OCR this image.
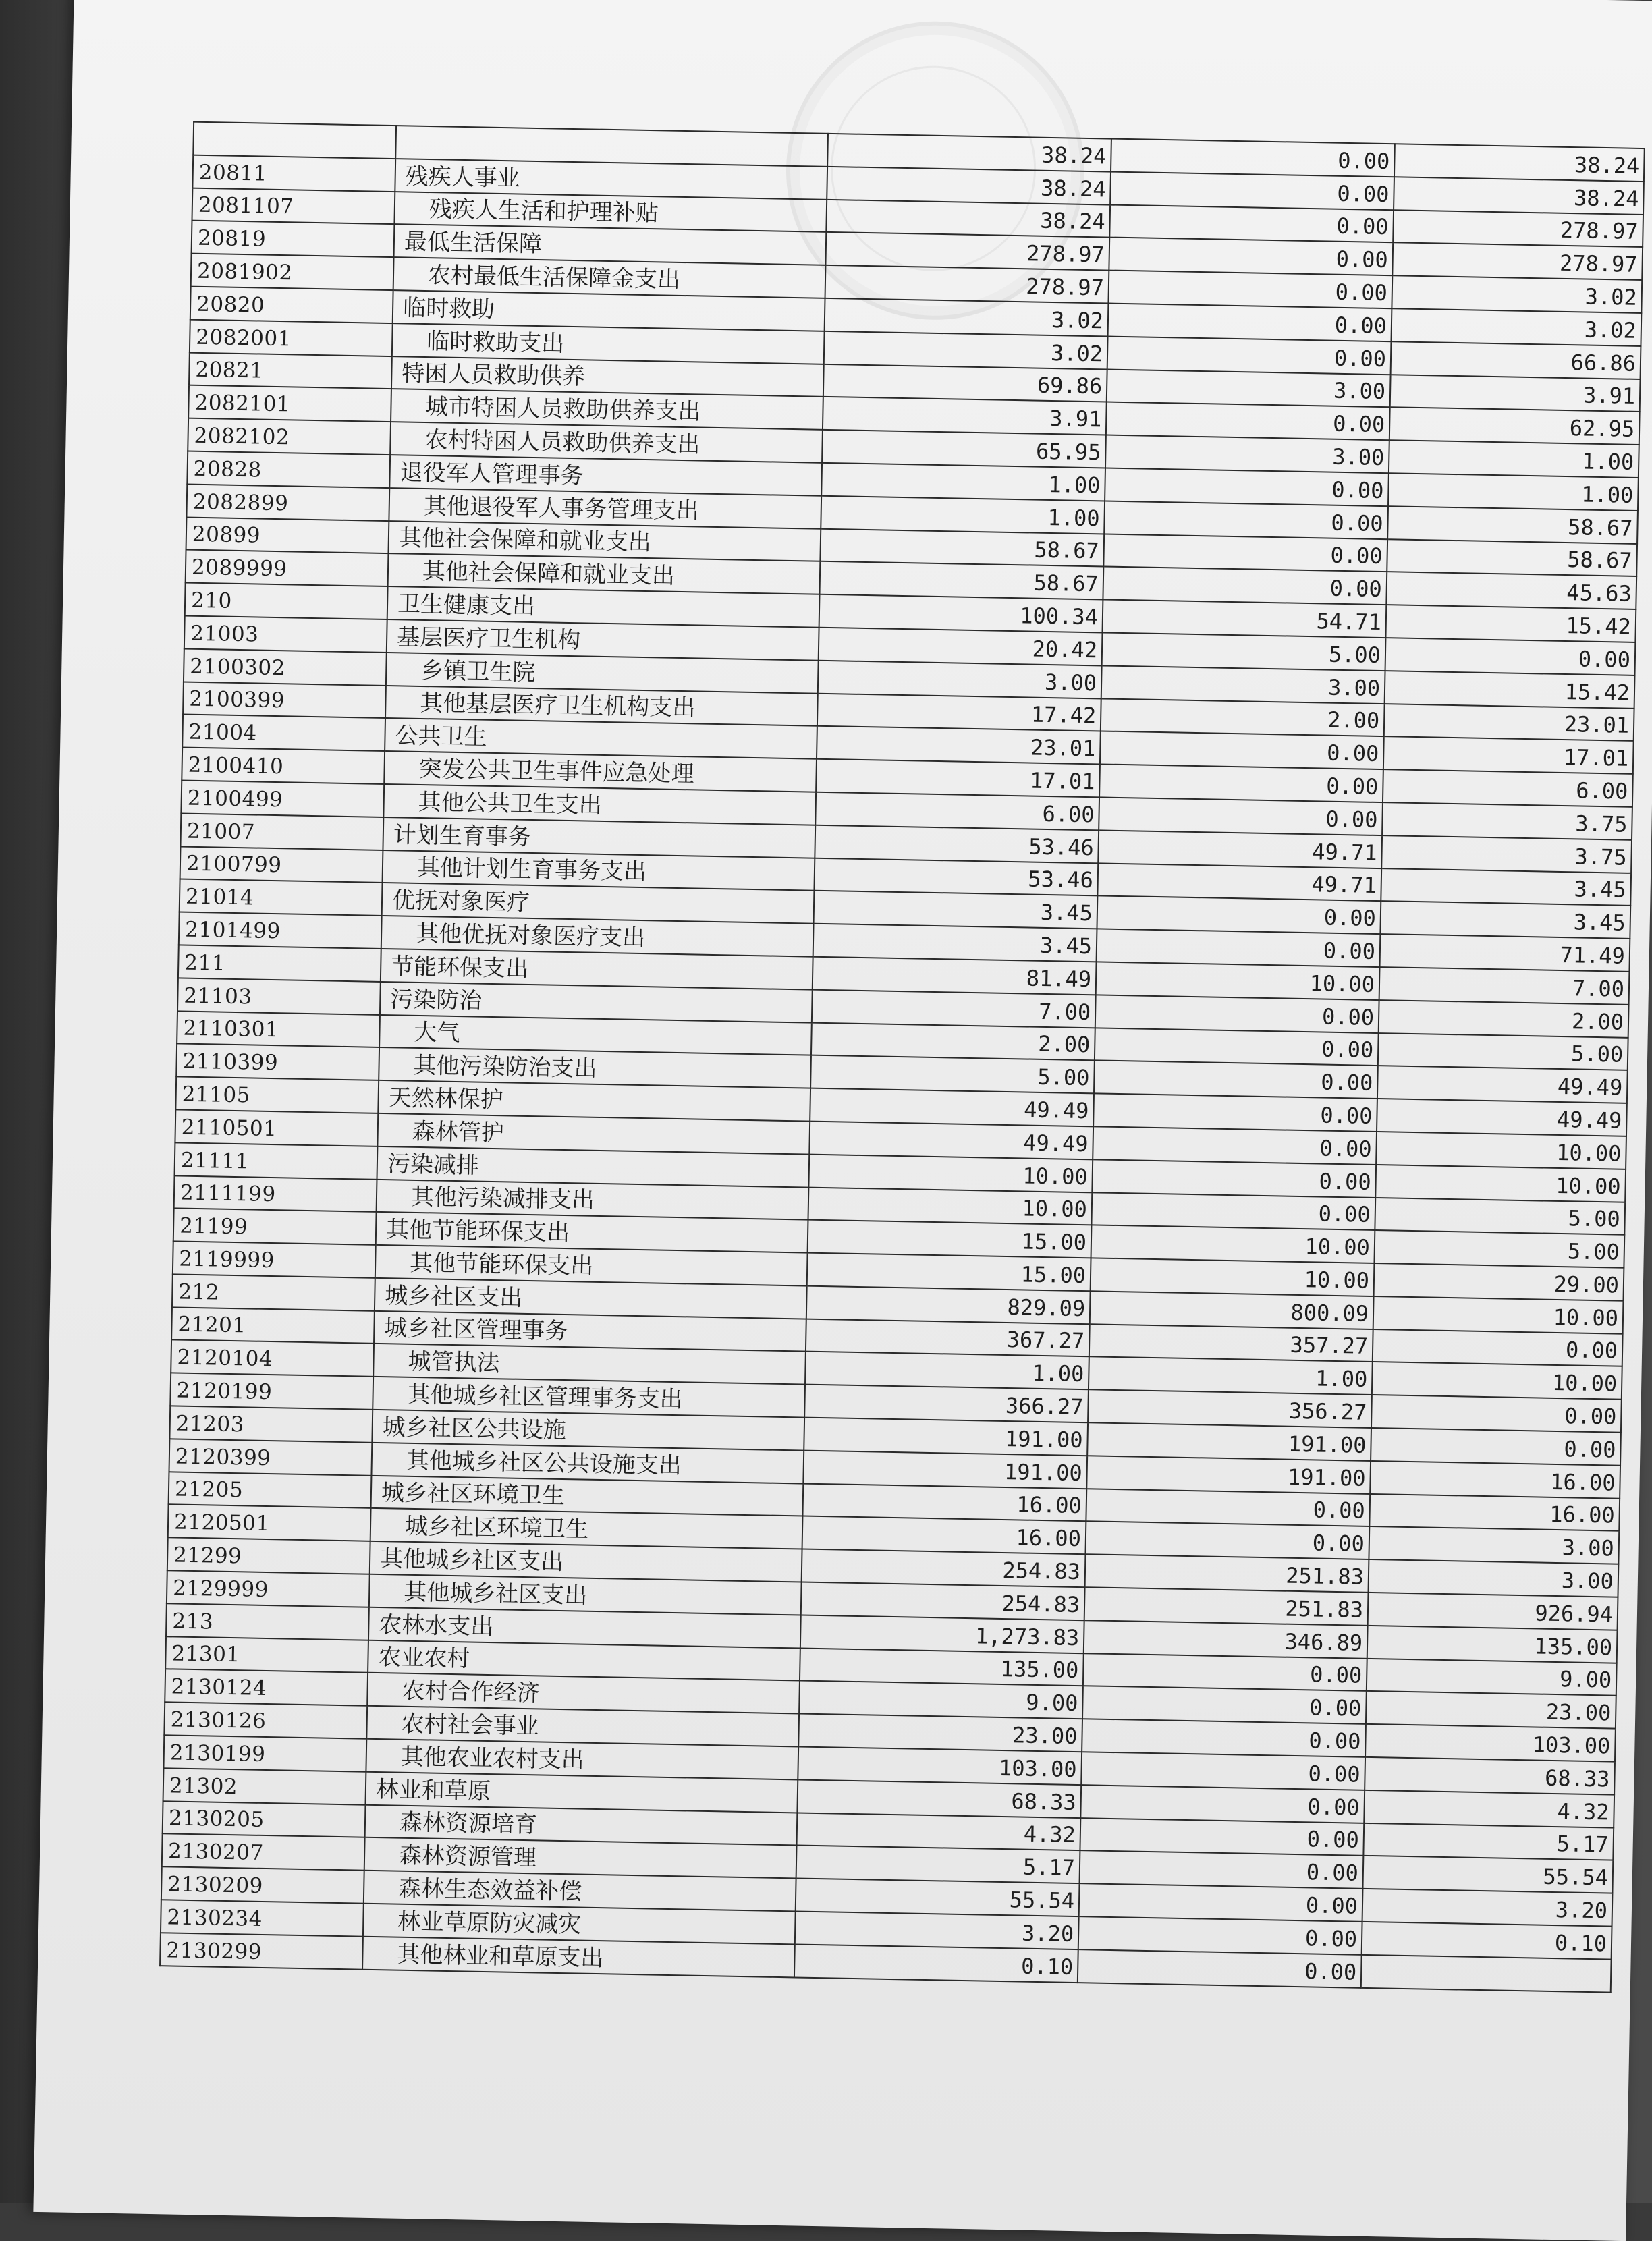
		38.24	0.00	38.24
20811	残疾人事业	38.24	0.00	38.24
2081107	残疾人生活和护理补贴	38.24	0.00	278.97
20819	最低生活保障	278.97	0.00	278.97
2081902	农村最低生活保障金支出	278.97	0.00	3.02
20820	临时救助	3.02	0.00	3.02
2082001	临时救助支出	3.02	0.00	66.86
20821	特困人员救助供养	69.86	3.00	3.91
2082101	城市特困人员救助供养支出	3.91	0.00	62.95
2082102	农村特困人员救助供养支出	65.95	3.00	1.00
20828	退役军人管理事务	1.00	0.00	1.00
2082899	其他退役军人事务管理支出	1.00	0.00	58.67
20899	其他社会保障和就业支出	58.67	0.00	58.67
2089999	其他社会保障和就业支出	58.67	0.00	45.63
210	卫生健康支出	100.34	54.71	15.42
21003	基层医疗卫生机构	20.42	5.00	0.00
2100302	乡镇卫生院	3.00	3.00	15.42
2100399	其他基层医疗卫生机构支出	17.42	2.00	23.01
21004	公共卫生	23.01	0.00	17.01
2100410	突发公共卫生事件应急处理	17.01	0.00	6.00
2100499	其他公共卫生支出	6.00	0.00	3.75
21007	计划生育事务	53.46	49.71	3.75
2100799	其他计划生育事务支出	53.46	49.71	3.45
21014	优抚对象医疗	3.45	0.00	3.45
2101499	其他优抚对象医疗支出	3.45	0.00	71.49
211	节能环保支出	81.49	10.00	7.00
21103	污染防治	7.00	0.00	2.00
2110301	大气	2.00	0.00	5.00
2110399	其他污染防治支出	5.00	0.00	49.49
21105	天然林保护	49.49	0.00	49.49
2110501	森林管护	49.49	0.00	10.00
21111	污染减排	10.00	0.00	10.00
2111199	其他污染减排支出	10.00	0.00	5.00
21199	其他节能环保支出	15.00	10.00	5.00
2119999	其他节能环保支出	15.00	10.00	29.00
212	城乡社区支出	829.09	800.09	10.00
21201	城乡社区管理事务	367.27	357.27	0.00
2120104	城管执法	1.00	1.00	10.00
2120199	其他城乡社区管理事务支出	366.27	356.27	0.00
21203	城乡社区公共设施	191.00	191.00	0.00
2120399	其他城乡社区公共设施支出	191.00	191.00	16.00
21205	城乡社区环境卫生	16.00	0.00	16.00
2120501	城乡社区环境卫生	16.00	0.00	3.00
21299	其他城乡社区支出	254.83	251.83	3.00
2129999	其他城乡社区支出	254.83	251.83	926.94
213	农林水支出	1,273.83	346.89	135.00
21301	农业农村	135.00	0.00	9.00
2130124	农村合作经济	9.00	0.00	23.00
2130126	农村社会事业	23.00	0.00	103.00
2130199	其他农业农村支出	103.00	0.00	68.33
21302	林业和草原	68.33	0.00	4.32
2130205	森林资源培育	4.32	0.00	5.17
2130207	森林资源管理	5.17	0.00	55.54
2130209	森林生态效益补偿	55.54	0.00	3.20
2130234	林业草原防灾减灾	3.20	0.00	0.10
2130299	其他林业和草原支出	0.10	0.00	
